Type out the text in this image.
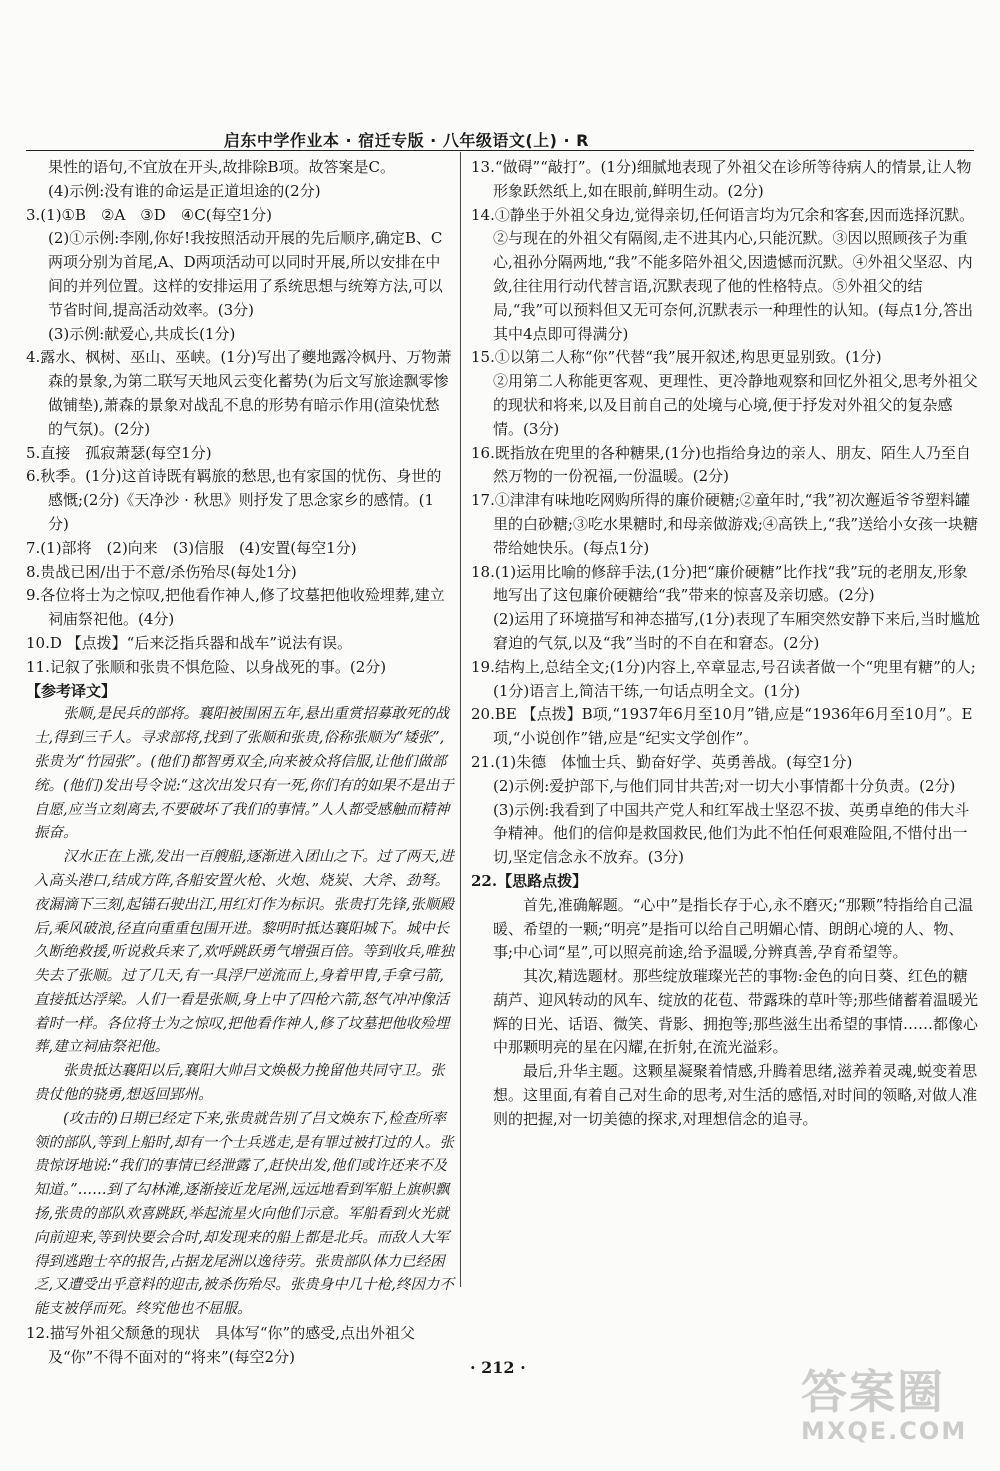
启东中学作业本 · 宿迁专版 · 八年级语文(上) · R

果性的语句,不宜放在开头,故排除B项。故答案是C。

(4)示例:没有谁的命运是正道坦途的(2分)

3.(1)①B　②A　③D　④C(每空1分)

(2)①示例:李刚,你好!我按照活动开展的先后顺序,确定B、C两项分别为首尾,A、D两项活动可以同时开展,所以安排在中间的并列位置。这样的安排运用了系统思想与统筹方法,可以节省时间,提高活动效率。(3分)

(3)示例:献爱心,共成长(1分)

4.露水、枫树、巫山、巫峡。(1分)写出了夔地露冷枫丹、万物萧森的景象,为第二联写天地风云变化蓄势(为后文写旅途飘零惨做铺垫),萧森的景象对战乱不息的形势有暗示作用(渲染忧愁的气氛)。(2分)

5.直接　孤寂萧瑟(每空1分)

6.秋季。(1分)这首诗既有羁旅的愁思,也有家国的忧伤、身世的感慨;(2分)《天净沙 · 秋思》则抒发了思念家乡的感情。(1分)

7.(1)部将　(2)向来　(3)信服　(4)安置(每空1分)

8.贵战已困/出于不意/杀伤殆尽(每处1分)

9.各位将士为之惊叹,把他看作神人,修了坟墓把他收殓埋葬,建立祠庙祭祀他。(4分)

10.D 【点拨】“后来泛指兵器和战车”说法有误。

11.记叙了张顺和张贵不惧危险、以身战死的事。(2分)

【参考译文】

张顺,是民兵的部将。襄阳被围困五年,悬出重赏招募敢死的战士,得到三千人。寻求部将,找到了张顺和张贵,俗称张顺为“矮张”,张贵为“竹园张”。(他们)都智勇双全,向来被众将信服,让他们做部统。(他们)发出号令说:“这次出发只有一死,你们有的如果不是出于自愿,应当立刻离去,不要破坏了我们的事情。”人人都受感触而精神振奋。

汉水正在上涨,发出一百艘船,逐渐进入团山之下。过了两天,进入高头港口,结成方阵,各船安置火枪、火炮、烧炭、大斧、劲弩。夜漏滴下三刻,起锚石驶出江,用红灯作为标识。张贵打先锋,张顺殿后,乘风破浪,径直向重重包围开进。黎明时抵达襄阳城下。城中长久断绝救援,听说救兵来了,欢呼跳跃勇气增强百倍。等到收兵,唯独失去了张顺。过了几天,有一具浮尸逆流而上,身着甲胄,手拿弓箭,直接抵达浮梁。人们一看是张顺,身上中了四枪六箭,怒气冲冲像活着时一样。各位将士为之惊叹,把他看作神人,修了坟墓把他收殓埋葬,建立祠庙祭祀他。

张贵抵达襄阳以后,襄阳大帅吕文焕极力挽留他共同守卫。张贵仗他的骁勇,想返回郢州。

(攻击的)日期已经定下来,张贵就告别了吕文焕东下,检查所率领的部队,等到上船时,却有一个士兵逃走,是有罪过被打过的人。张贵惊讶地说:“我们的事情已经泄露了,赶快出发,他们或许还来不及知道。”……到了勾林滩,逐渐接近龙尾洲,远远地看到军船上旗帜飘扬,张贵的部队欢喜跳跃,举起流星火向他们示意。军船看到火光就向前迎来,等到快要会合时,却发现来的船上都是北兵。而敌人大军得到逃跑士卒的报告,占据龙尾洲以逸待劳。张贵部队体力已经困乏,又遭受出乎意料的迎击,被杀伤殆尽。张贵身中几十枪,终因力不能支被俘而死。终究他也不屈服。

12.描写外祖父颓惫的现状　具体写“你”的感受,点出外祖父及“你”不得不面对的“将来”(每空2分)

13.“做碍”“敲打”。(1分)细腻地表现了外祖父在诊所等待病人的情景,让人物形象跃然纸上,如在眼前,鲜明生动。(2分)

14.①静坐于外祖父身边,觉得亲切,任何语言均为冗余和客套,因而选择沉默。②与现在的外祖父有隔阂,走不进其内心,只能沉默。③因以照顾孩子为重心,祖孙分隔两地,“我”不能多陪外祖父,因遗憾而沉默。④外祖父坚忍、内敛,往往用行动代替言语,沉默表现了他的性格特点。⑤外祖父的结局,“我”可以预料但又无可奈何,沉默表示一种理性的认知。(每点1分,答出其中4点即可得满分)

15.①以第二人称“你”代替“我”展开叙述,构思更显别致。(1分)

②用第二人称能更客观、更理性、更冷静地观察和回忆外祖父,思考外祖父的现状和将来,以及目前自己的处境与心境,便于抒发对外祖父的复杂感情。(3分)

16.既指放在兜里的各种糖果,(1分)也指给身边的亲人、朋友、陌生人乃至自然万物的一份祝福,一份温暖。(2分)

17.①津津有味地吃网购所得的廉价硬糖;②童年时,“我”初次邂逅爷爷塑料罐里的白砂糖;③吃水果糖时,和母亲做游戏;④高铁上,“我”送给小女孩一块糖带给她快乐。(每点1分)

18.(1)运用比喻的修辞手法,(1分)把“廉价硬糖”比作找“我”玩的老朋友,形象地写出了这包廉价硬糖给“我”带来的惊喜及亲切感。(2分)

(2)运用了环境描写和神态描写,(1分)表现了车厢突然安静下来后,当时尴尬窘迫的气氛,以及“我”当时的不自在和窘态。(2分)

19.结构上,总结全文;(1分)内容上,卒章显志,号召读者做一个“兜里有糖”的人;(1分)语言上,简洁干练,一句话点明全文。(1分)

20.BE 【点拨】B项,“1937年6月至10月”错,应是“1936年6月至10月”。E项,“小说创作”错,应是“纪实文学创作”。

21.(1)朱德　体恤士兵、勤奋好学、英勇善战。(每空1分)

(2)示例:爱护部下,与他们同甘共苦;对一切大小事情都十分负责。(2分)

(3)示例:我看到了中国共产党人和红军战士坚忍不拔、英勇卓绝的伟大斗争精神。他们的信仰是救国救民,他们为此不怕任何艰难险阻,不惜付出一切,坚定信念永不放弃。(3分)

22.【思路点拨】

首先,准确解题。“心中”是指长存于心,永不磨灭;“那颗”特指给自己温暖、希望的一颗;“明亮”是指可以给自己明媚心情、朗朗心境的人、物、事;中心词“星”,可以照亮前途,给予温暖,分辨真善,孕育希望等。

其次,精选题材。那些绽放璀璨光芒的事物:金色的向日葵、红色的糖葫芦、迎风转动的风车、绽放的花苞、带露珠的草叶等;那些储蓄着温暖光辉的日光、话语、微笑、背影、拥抱等;那些滋生出希望的事情……都像心中那颗明亮的星在闪耀,在折射,在流光溢彩。

最后,升华主题。这颗星凝聚着情感,升腾着思绪,滋养着灵魂,蜕变着思想。这里面,有着自己对生命的思考,对生活的感悟,对时间的领略,对做人准则的把握,对一切美德的探求,对理想信念的追寻。

· 212 ·	答案圈
MXQE.COM
